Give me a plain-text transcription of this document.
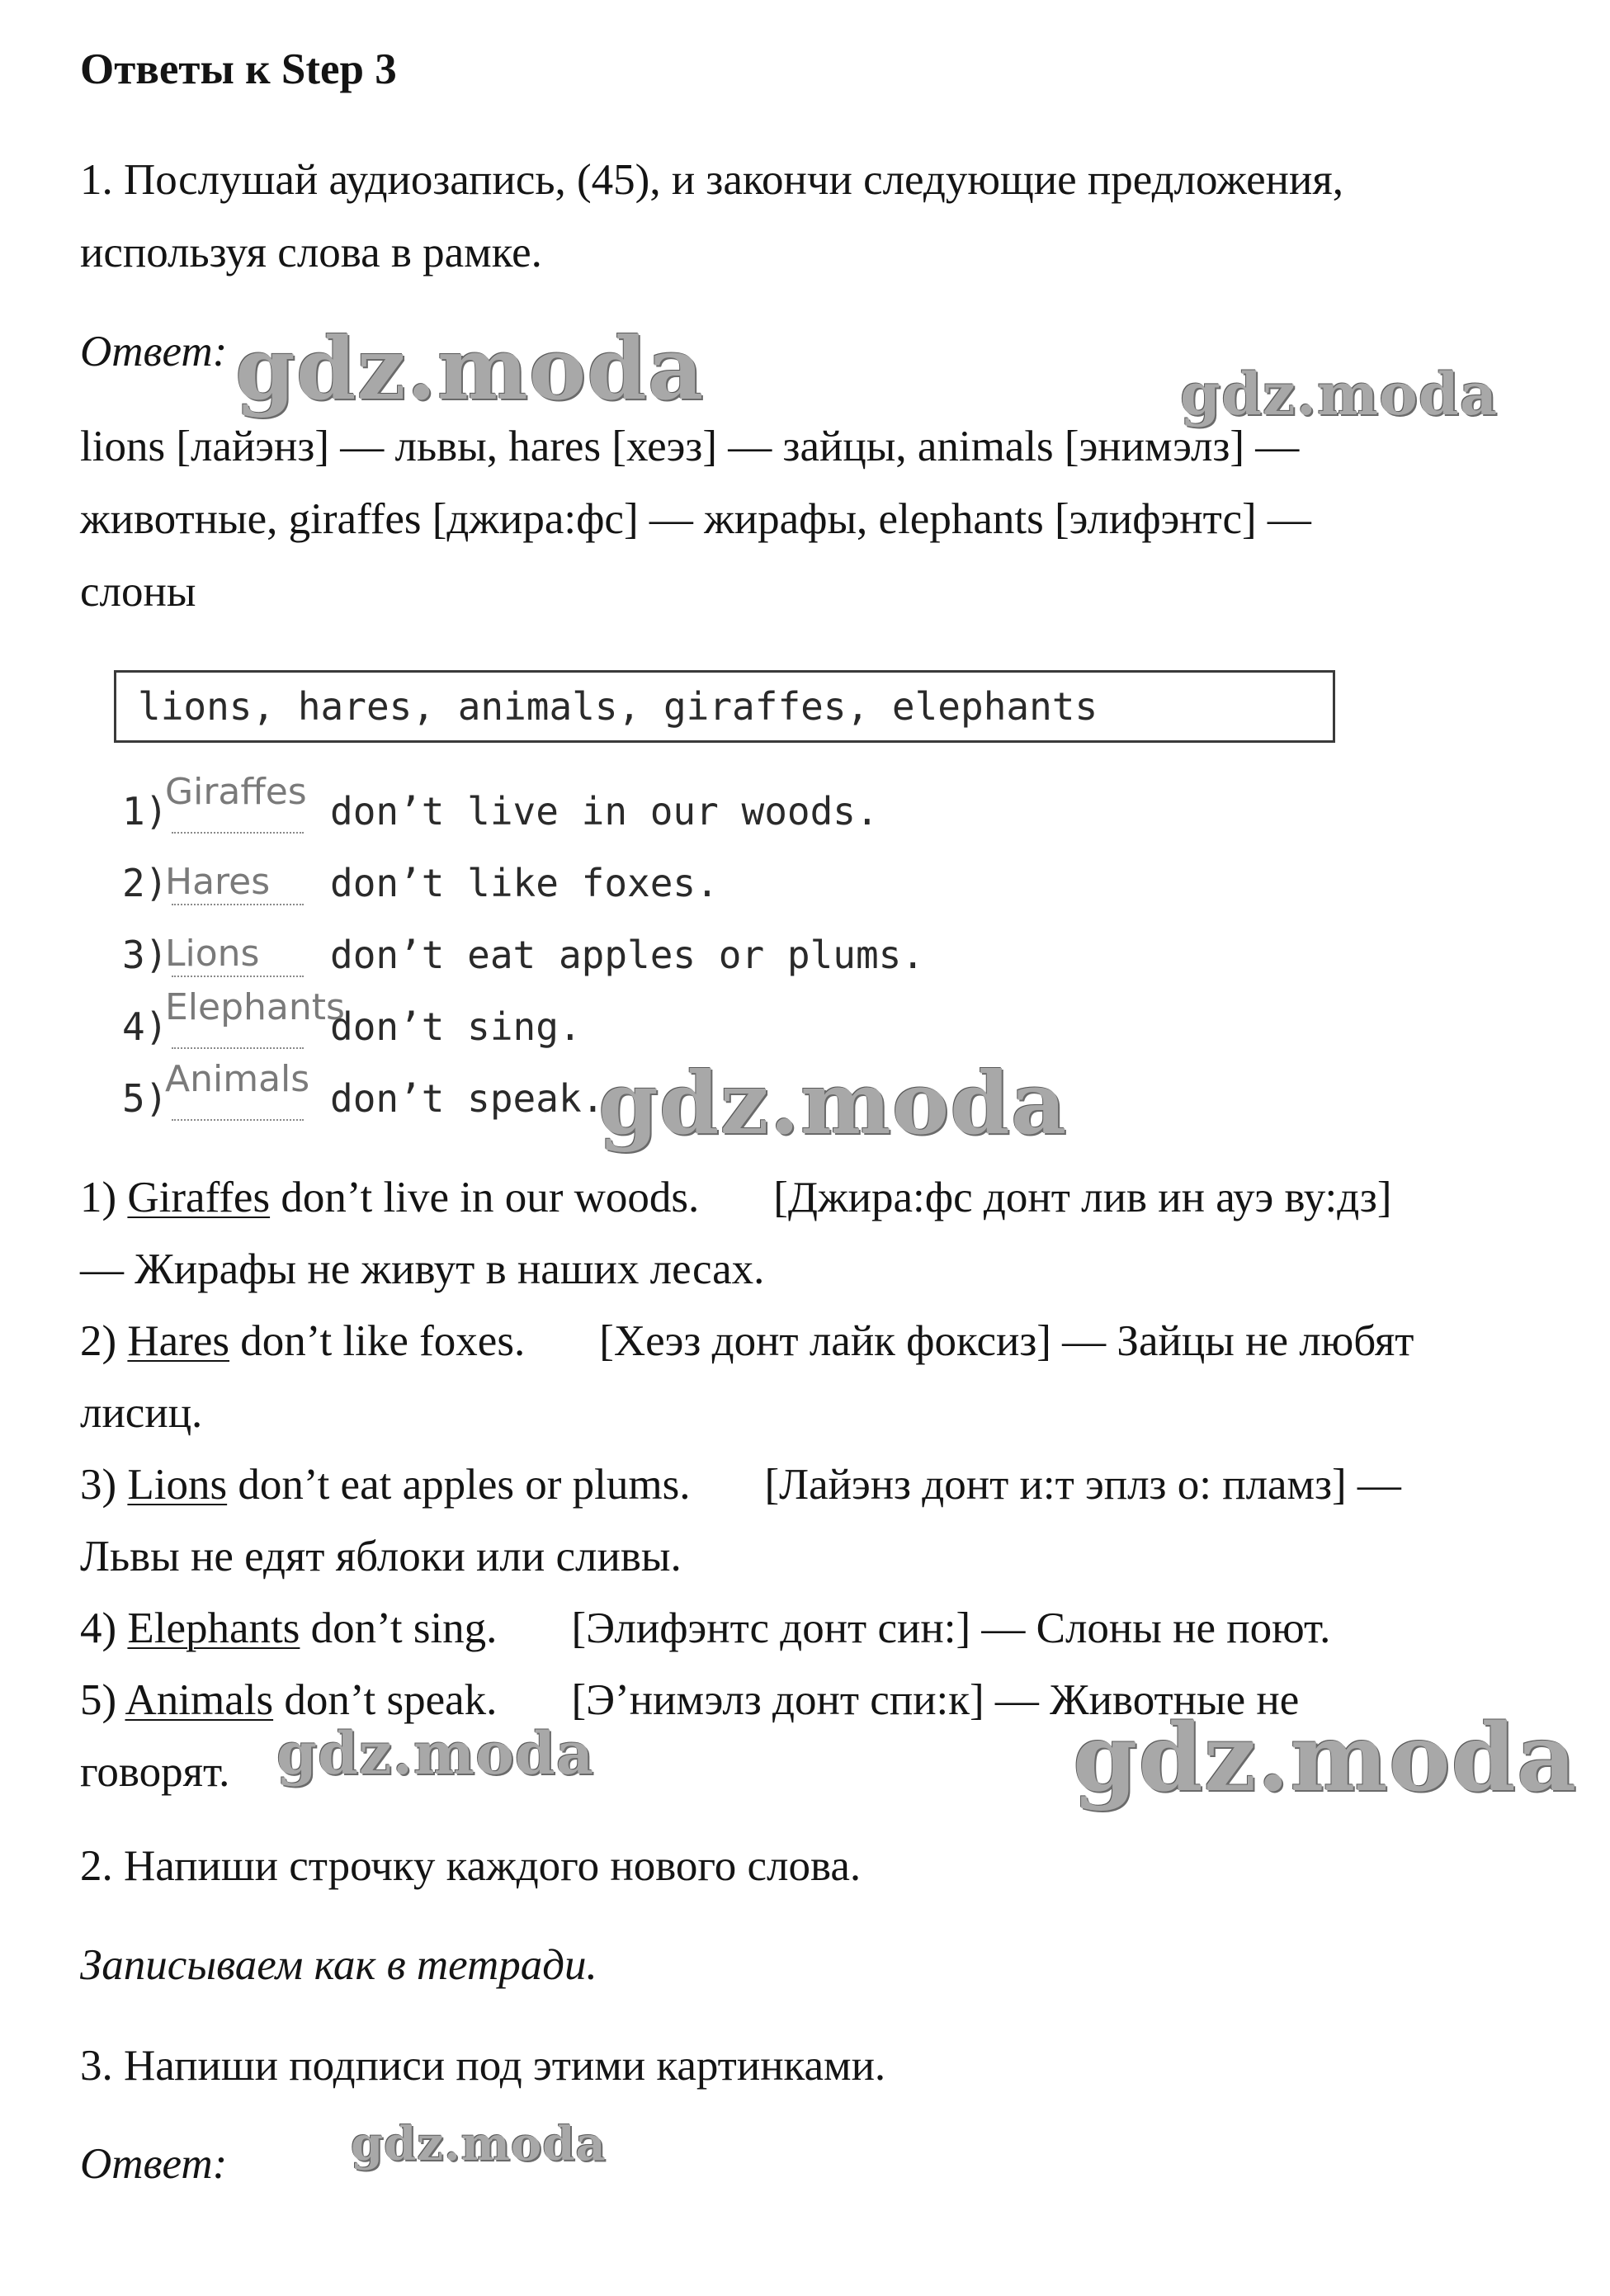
Ответы к Step 3
1. Послушай аудиозапись, (45), и закончи следующие предложения,
используя слова в рамке.
Ответ:
lions [лайэнз] — львы, hares [хеэз] — зайцы, animals [энимэлз] —
животные, giraffes [джира:фс] — жирафы, elephants [элифэнтс] —
слоны
lions, hares, animals, giraffes, elephants
1)
Giraffes don’t live in our woods.
2)
Hares don’t like foxes.
3)
Lions don’t eat apples or plums.
4)
Elephants
don’t sing.
5)
Animals don’t speak.
1) Giraffes don’t live in our woods. [Джира:фс донт лив ин ауэ ву:дз]
— Жирафы не живут в наших лесах.
2) Hares don’t like foxes. [Хеэз донт лайк фоксиз] — Зайцы не любят
лисиц.
3) Lions don’t eat apples or plums. [Лайэнз донт и:т эплз о: пламз] —
Львы не едят яблоки или сливы.
4) Elephants don’t sing. [Элифэнтс донт син:] — Слоны не поют.
5) Animals don’t speak. [Э’нимэлз донт спи:к] — Животные не
говорят.
2. Напиши строчку каждого нового слова.
Записываем как в тетради.
3. Напиши подписи под этими картинками.
Ответ:
gdz.moda	gdz.moda
gdz.moda
gdz.moda	gdz.moda
gdz.moda
